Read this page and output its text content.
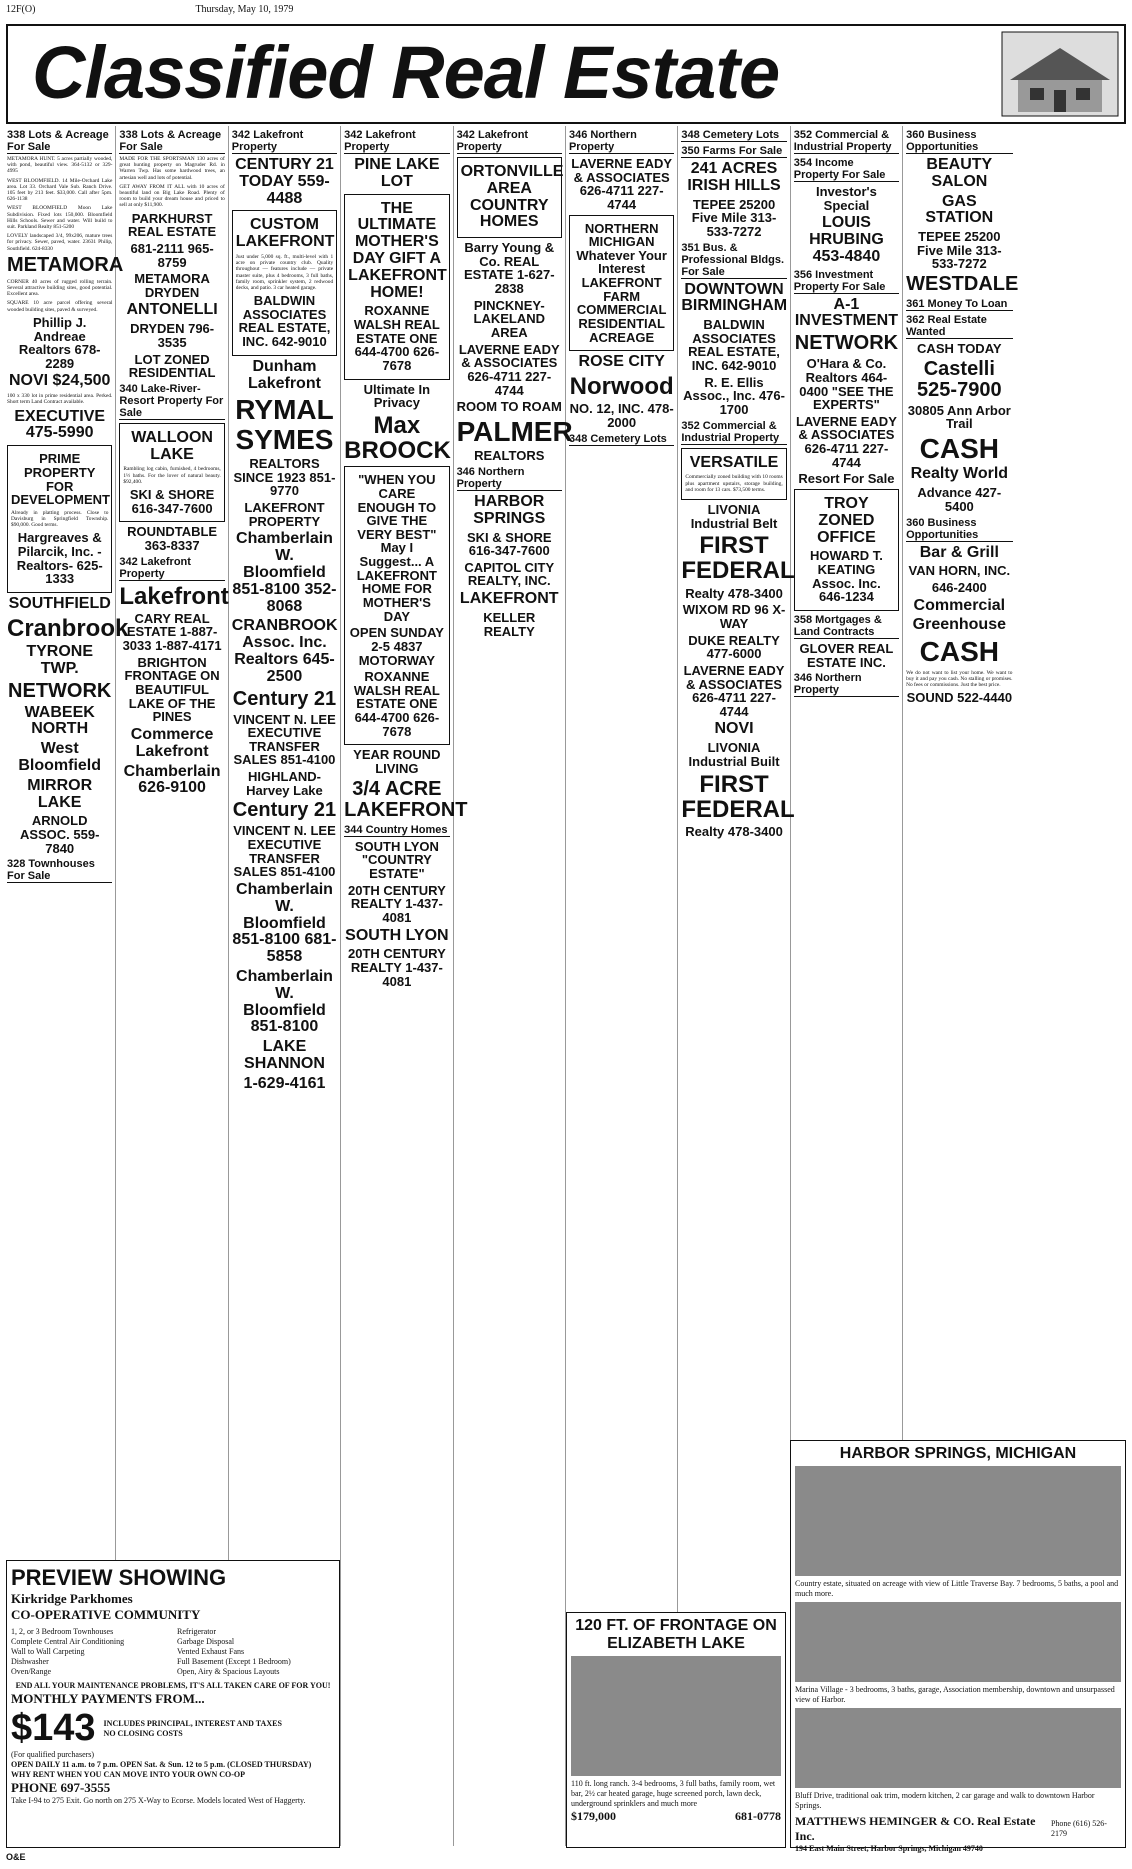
12F(O)	Thursday, May 10, 1979
Classified Real Estate
338 Lots & Acreage For Sale
METAMORA HUNT. 5 acres partially wooded, with pond, beautiful view. 364-5132 or 329-4995
WEST BLOOMFIELD. 14 Mile-Orchard Lake area. Lot 33. Orchard Vale Sub. Ranch Drive. 105 feet by 213 feet. $33,000. Call after 5pm. 626-1138
WEST BLOOMFIELD Moon Lake Subdivision. Fixed lots 150,000. Bloomfield Hills Schools. Sewer and water. Will build to suit. Parkland Realty 851-5200
LOVELY landscaped 3/4, 99x206, mature trees for privacy. Sewer, paved, water. 23631 Philip, Southfield. 624-8330
METAMORA
CORNER 40 acres of rugged rolling terrain. Several attractive building sites, good potential. Excellent area.
SQUARE 10 acre parcel offering several wooded building sites, paved & surveyed.
Phillip J. Andreae Realtors 678-2289
NOVI $24,500
100 x 330 lot in prime residential area. Perked. Short term Land Contract available.
EXECUTIVE 475-5990
PRIME PROPERTY FOR DEVELOPMENT
Already in platting process. Close to Davisburg in Springfield Township. $90,000. Good terms.
Hargreaves & Pilarcik, Inc. -Realtors- 625-1333
SOUTHFIELD
Cranbrook
TYRONE TWP.
NETWORK
WABEEK NORTH
West Bloomfield
MIRROR LAKE
ARNOLD ASSOC. 559-7840
328 Townhouses For Sale
338 Lots & Acreage For Sale
MADE FOR THE SPORTSMAN 130 acres of great hunting property on Magruder Rd. in Warren Twp. Has some hardwood trees, an artesian well and lots of potential.
GET AWAY FROM IT ALL with 10 acres of beautiful land on Big Lake Road. Plenty of room to build your dream house and priced to sell at only $11,900.
PARKHURST REAL ESTATE
681-2111 965-8759
METAMORA DRYDEN
ANTONELLI
DRYDEN 796-3535
LOT ZONED RESIDENTIAL
340 Lake-River-Resort Property For Sale
WALLOON LAKE
Rambling log cabin, furnished, 4 bedrooms, 1½ baths. For the lover of natural beauty. $92,400.
SKI & SHORE 616-347-7600
ROUNDTABLE 363-8337
342 Lakefront Property
Lakefront
CARY REAL ESTATE 1-887-3033 1-887-4171
BRIGHTON FRONTAGE ON BEAUTIFUL LAKE OF THE PINES
Commerce Lakefront
Chamberlain 626-9100
342 Lakefront Property
CENTURY 21 TODAY 559-4488
CUSTOM LAKEFRONT
Just under 5,000 sq. ft., multi-level with 1 acre on private country club. Quality throughout — features include — private master suite, plus 4 bedrooms, 3 full baths, family room, sprinkler system, 2 redwood decks, and patio. 3 car heated garage.
BALDWIN ASSOCIATES REAL ESTATE, INC. 642-9010
Dunham Lakefront
RYMAL SYMES
REALTORS SINCE 1923 851-9770
LAKEFRONT PROPERTY
Chamberlain W. Bloomfield 851-8100 352-8068
CRANBROOK Assoc. Inc. Realtors 645-2500
Century 21
VINCENT N. LEE EXECUTIVE TRANSFER SALES 851-4100
HIGHLAND-Harvey Lake
Century 21
VINCENT N. LEE EXECUTIVE TRANSFER SALES 851-4100
Chamberlain W. Bloomfield 851-8100 681-5858
Chamberlain W. Bloomfield 851-8100
LAKE SHANNON
1-629-4161
342 Lakefront Property
PINE LAKE LOT
THE ULTIMATE MOTHER'S DAY GIFT A LAKEFRONT HOME!
ROXANNE WALSH REAL ESTATE ONE 644-4700 626-7678
Ultimate In Privacy
Max BROOCK
"WHEN YOU CARE ENOUGH TO GIVE THE VERY BEST" May I Suggest... A LAKEFRONT HOME FOR MOTHER'S DAY
OPEN SUNDAY 2-5 4837 MOTORWAY
ROXANNE WALSH REAL ESTATE ONE 644-4700 626-7678
YEAR ROUND LIVING
3/4 ACRE LAKEFRONT
344 Country Homes
SOUTH LYON "COUNTRY ESTATE"
20TH CENTURY REALTY 1-437-4081
SOUTH LYON
20TH CENTURY REALTY 1-437-4081
342 Lakefront Property
ORTONVILLE AREA COUNTRY HOMES
Barry Young & Co. REAL ESTATE 1-627-2838
PINCKNEY-LAKELAND AREA
LAVERNE EADY & ASSOCIATES 626-4711 227-4744
ROOM TO ROAM
PALMER
REALTORS
346 Northern Property
HARBOR SPRINGS
SKI & SHORE 616-347-7600
CAPITOL CITY REALTY, INC.
LAKEFRONT
KELLER REALTY
346 Northern Property
LAVERNE EADY & ASSOCIATES 626-4711 227-4744
NORTHERN MICHIGAN Whatever Your Interest LAKEFRONT FARM COMMERCIAL RESIDENTIAL ACREAGE
ROSE CITY
Norwood
NO. 12, INC. 478-2000
348 Cemetery Lots
348 Cemetery Lots
350 Farms For Sale
241 ACRES IRISH HILLS
TEPEE 25200 Five Mile 313-533-7272
351 Bus. & Professional Bldgs. For Sale
DOWNTOWN BIRMINGHAM
BALDWIN ASSOCIATES REAL ESTATE, INC. 642-9010
R. E. Ellis Assoc., Inc. 476-1700
352 Commercial & Industrial Property
VERSATILE
Commercially zoned building with 10 rooms plus apartment upstairs, storage building, and room for 13 cars. $73,500 terms.
LIVONIA Industrial Belt
FIRST FEDERAL
Realty 478-3400
WIXOM RD 96 X-WAY
DUKE REALTY 477-6000
LAVERNE EADY & ASSOCIATES 626-4711 227-4744
NOVI
LIVONIA Industrial Built
FIRST FEDERAL
Realty 478-3400
352 Commercial & Industrial Property
354 Income Property For Sale
Investor's Special
LOUIS HRUBING 453-4840
356 Investment Property For Sale
A-1 INVESTMENT
NETWORK
O'Hara & Co. Realtors 464-0400 "SEE THE EXPERTS"
LAVERNE EADY & ASSOCIATES 626-4711 227-4744
Resort For Sale
TROY ZONED OFFICE
HOWARD T. KEATING Assoc. Inc. 646-1234
358 Mortgages & Land Contracts
GLOVER REAL ESTATE INC.
346 Northern Property
360 Business Opportunities
BEAUTY SALON
GAS STATION
TEPEE 25200 Five Mile 313-533-7272
WESTDALE
361 Money To Loan
362 Real Estate Wanted
CASH TODAY
Castelli 525-7900
30805 Ann Arbor Trail
CASH
Realty World
Advance 427-5400
360 Business Opportunities
Bar & Grill
VAN HORN, INC.
646-2400
Commercial
Greenhouse
CASH
We do not want to list your home. We want to buy it and pay you cash. No stalling or promises. No fees or commissions. Just the best price.
SOUND 522-4440
PREVIEW SHOWING
Kirkridge Parkhomes
CO-OPERATIVE COMMUNITY
1, 2, or 3 Bedroom Townhouses
Complete Central Air Conditioning
Wall to Wall Carpeting
Dishwasher
Oven/Range
Refrigerator
Garbage Disposal
Vented Exhaust Fans
Full Basement (Except 1 Bedroom)
Open, Airy & Spacious Layouts
END ALL YOUR MAINTENANCE PROBLEMS, IT'S ALL TAKEN CARE OF FOR YOU!
MONTHLY PAYMENTS FROM...
$143 INCLUDES PRINCIPAL, INTEREST AND TAXES
NO CLOSING COSTS
(For qualified purchasers)
OPEN DAILY 11 a.m. to 7 p.m. OPEN Sat. & Sun. 12 to 5 p.m. (CLOSED THURSDAY)
WHY RENT WHEN YOU CAN MOVE INTO YOUR OWN CO-OP
PHONE 697-3555
Take I-94 to 275 Exit. Go north on 275 X-Way to Ecorse. Models located West of Haggerty.
120 FT. OF FRONTAGE ON ELIZABETH LAKE
110 ft. long ranch. 3-4 bedrooms, 3 full baths, family room, wet bar, 2½ car heated garage, huge screened porch, lawn deck, underground sprinklers and much more
$179,000	681-0778
HARBOR SPRINGS, MICHIGAN
Country estate, situated on acreage with view of Little Traverse Bay. 7 bedrooms, 5 baths, a pool and much more.
Marina Village - 3 bedrooms, 3 baths, garage, Association membership, downtown and unsurpassed view of Harbor.
Bluff Drive, traditional oak trim, modern kitchen, 2 car garage and walk to downtown Harbor Springs.
MATTHEWS HEMINGER & CO. Real Estate Inc.
Phone (616) 526-2179
194 East Main Street, Harbor Springs, Michigan 49740
O&E
